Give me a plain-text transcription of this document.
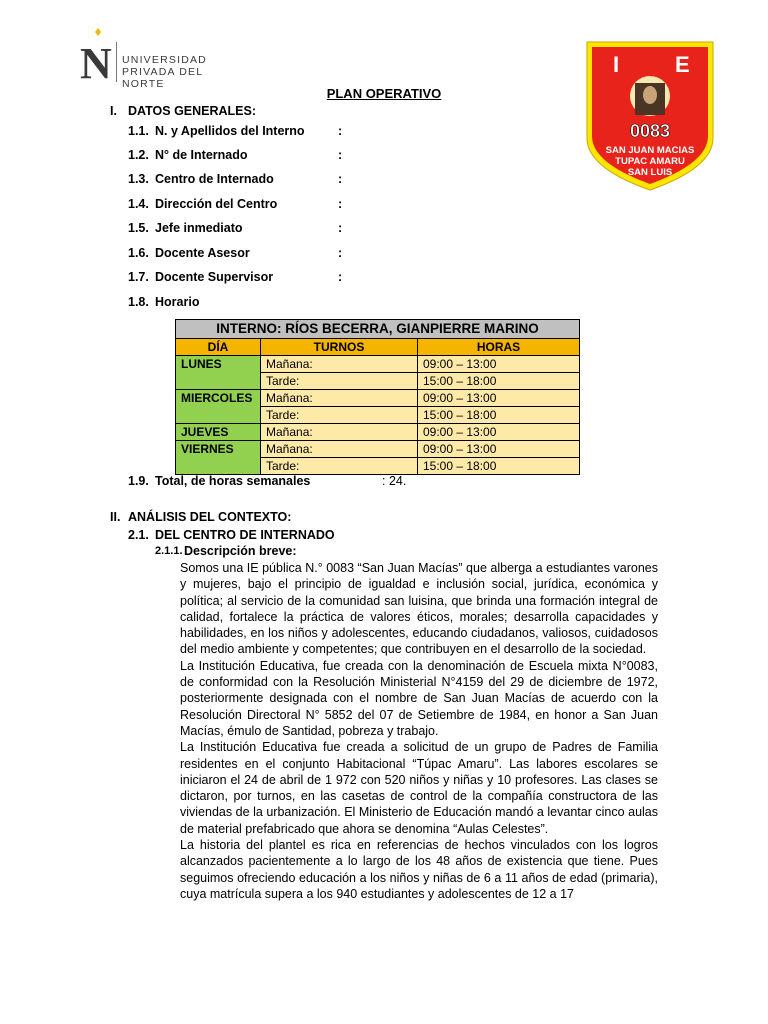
N UNIVERSIDAD
PRIVADA DEL NORTE
I	E
0083
SAN JUAN MACIAS
TUPAC AMARU
SAN LUIS
PLAN OPERATIVO
I. DATOS GENERALES:
1.1. N. y Apellidos del Interno	:
1.2. N° de Internado	:
1.3. Centro de Internado	:
1.4. Dirección del Centro	:
1.5. Jefe inmediato	:
1.6. Docente Asesor	:
1.7. Docente Supervisor	:
1.8. Horario
INTERNO: RÍOS BECERRA, GIANPIERRE MARINO		
DÍA	TURNOS	HORAS
LUNES	Mañana:	09:00 – 13:00
	Tarde:	15:00 – 18:00
MIERCOLES	Mañana:	09:00 – 13:00
	Tarde:	15:00 – 18:00
JUEVES	Mañana:	09:00 – 13:00
VIERNES	Mañana:	09:00 – 13:00
	Tarde:	15:00 – 18:00
1.9. Total, de horas semanales	: 24.
II. ANÁLISIS DEL CONTEXTO:
2.1. DEL CENTRO DE INTERNADO
2.1.1. Descripción breve:

Somos una IE pública N.° 0083 “San Juan Macías” que alberga a estudiantes varones y mujeres, bajo el principio de igualdad e inclusión social, jurídica, económica y política; al servicio de la comunidad san luisina, que brinda una formación integral de calidad, fortalece la práctica de valores éticos, morales; desarrolla capacidades y habilidades, en los niños y adolescentes, educando ciudadanos, valiosos, cuidadosos del medio ambiente y competentes; que contribuyen en el desarrollo de la sociedad.

La Institución Educativa, fue creada con la denominación de Escuela mixta N°0083, de conformidad con la Resolución Ministerial N°4159 del 29 de diciembre de 1972, posteriormente designada con el nombre de San Juan Macías de acuerdo con la Resolución Directoral N° 5852 del 07 de Setiembre de 1984, en honor a San Juan Macías, émulo de Santidad, pobreza y trabajo.

La Institución Educativa fue creada a solicitud de un grupo de Padres de Familia residentes en el conjunto Habitacional “Túpac Amaru”. Las labores escolares se iniciaron el 24 de abril de 1 972 con 520 niños y niñas y 10 profesores. Las clases se dictaron, por turnos, en las casetas de control de la compañía constructora de las viviendas de la urbanización. El Ministerio de Educación mandó a levantar cinco aulas de material prefabricado que ahora se denomina “Aulas Celestes”.

La historia del plantel es rica en referencias de hechos vinculados con los logros alcanzados pacientemente a lo largo de los 48 años de existencia que tiene. Pues seguimos ofreciendo educación a los niños y niñas de 6 a 11 años de edad (primaria), cuya matrícula supera a los 940 estudiantes y adolescentes de 12 a 17
